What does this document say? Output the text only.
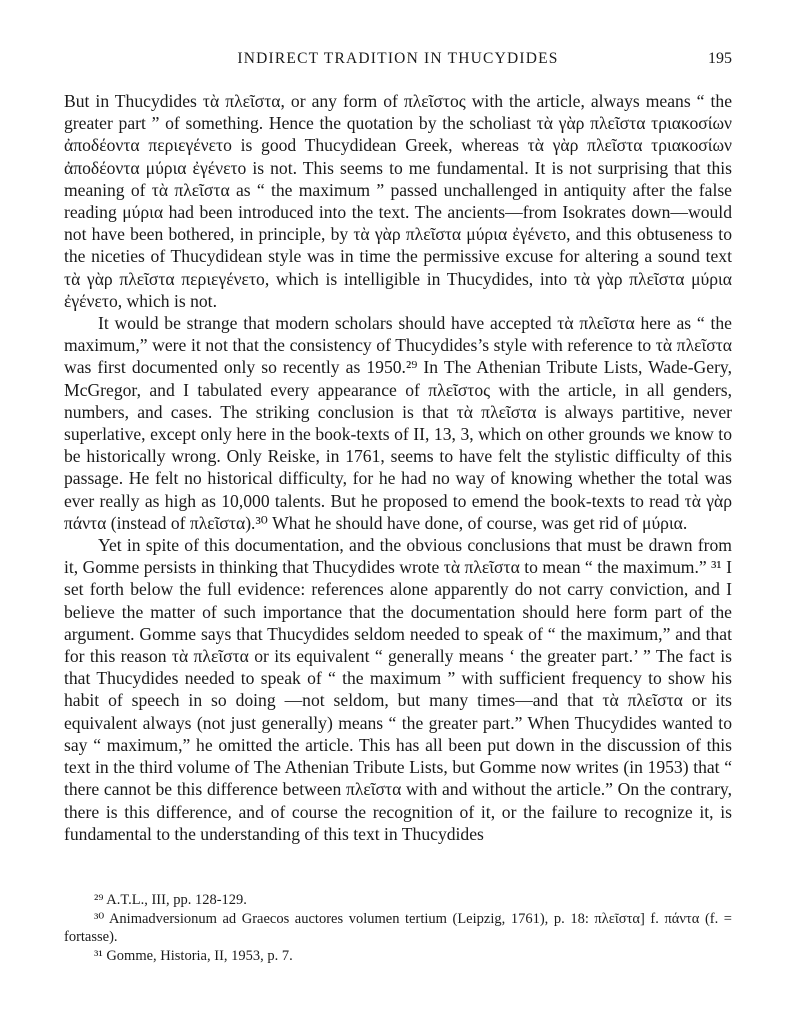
INDIRECT TRADITION IN THUCYDIDES	195

But in Thucydides τὰ πλεῖστα, or any form of πλεῖστος with the article, always means “ the greater part ” of something. Hence the quotation by the scholiast τὰ γὰρ πλεῖστα τριακοσίων ἀποδέοντα περιεγένετο is good Thucydidean Greek, whereas τὰ γὰρ πλεῖστα τριακοσίων ἀποδέοντα μύρια ἐγένετο is not. This seems to me fundamental. It is not surprising that this meaning of τὰ πλεῖστα as “ the maximum ” passed unchallenged in antiquity after the false reading μύρια had been introduced into the text. The ancients—from Isokrates down—would not have been bothered, in principle, by τὰ γὰρ πλεῖστα μύρια ἐγένετο, and this obtuseness to the niceties of Thucydidean style was in time the permissive excuse for altering a sound text τὰ γὰρ πλεῖστα περιεγένετο, which is intelligible in Thucydides, into τὰ γὰρ πλεῖστα μύρια ἐγένετο, which is not.

It would be strange that modern scholars should have accepted τὰ πλεῖστα here as “ the maximum,” were it not that the consistency of Thucydides’s style with reference to τὰ πλεῖστα was first documented only so recently as 1950.²⁹ In The Athenian Tribute Lists, Wade-Gery, McGregor, and I tabulated every appearance of πλεῖστος with the article, in all genders, numbers, and cases. The striking conclusion is that τὰ πλεῖστα is always partitive, never superlative, except only here in the book-texts of II, 13, 3, which on other grounds we know to be historically wrong. Only Reiske, in 1761, seems to have felt the stylistic difficulty of this passage. He felt no historical difficulty, for he had no way of knowing whether the total was ever really as high as 10,000 talents. But he proposed to emend the book-texts to read τὰ γὰρ πάντα (instead of πλεῖστα).³⁰ What he should have done, of course, was get rid of μύρια.

Yet in spite of this documentation, and the obvious conclusions that must be drawn from it, Gomme persists in thinking that Thucydides wrote τὰ πλεῖστα to mean “ the maximum.” ³¹ I set forth below the full evidence: references alone apparently do not carry conviction, and I believe the matter of such importance that the documentation should here form part of the argument. Gomme says that Thucydides seldom needed to speak of “ the maximum,” and that for this reason τὰ πλεῖστα or its equivalent “ generally means ‘ the greater part.’ ” The fact is that Thucydides needed to speak of “ the maximum ” with sufficient frequency to show his habit of speech in so doing —not seldom, but many times—and that τὰ πλεῖστα or its equivalent always (not just generally) means “ the greater part.” When Thucydides wanted to say “ maximum,” he omitted the article. This has all been put down in the discussion of this text in the third volume of The Athenian Tribute Lists, but Gomme now writes (in 1953) that “ there cannot be this difference between πλεῖστα with and without the article.” On the contrary, there is this difference, and of course the recognition of it, or the failure to recognize it, is fundamental to the understanding of this text in Thucydides

²⁹ A.T.L., III, pp. 128-129.

³⁰ Animadversionum ad Graecos auctores volumen tertium (Leipzig, 1761), p. 18: πλεῖστα] f. πάντα (f. = fortasse).

³¹ Gomme, Historia, II, 1953, p. 7.
